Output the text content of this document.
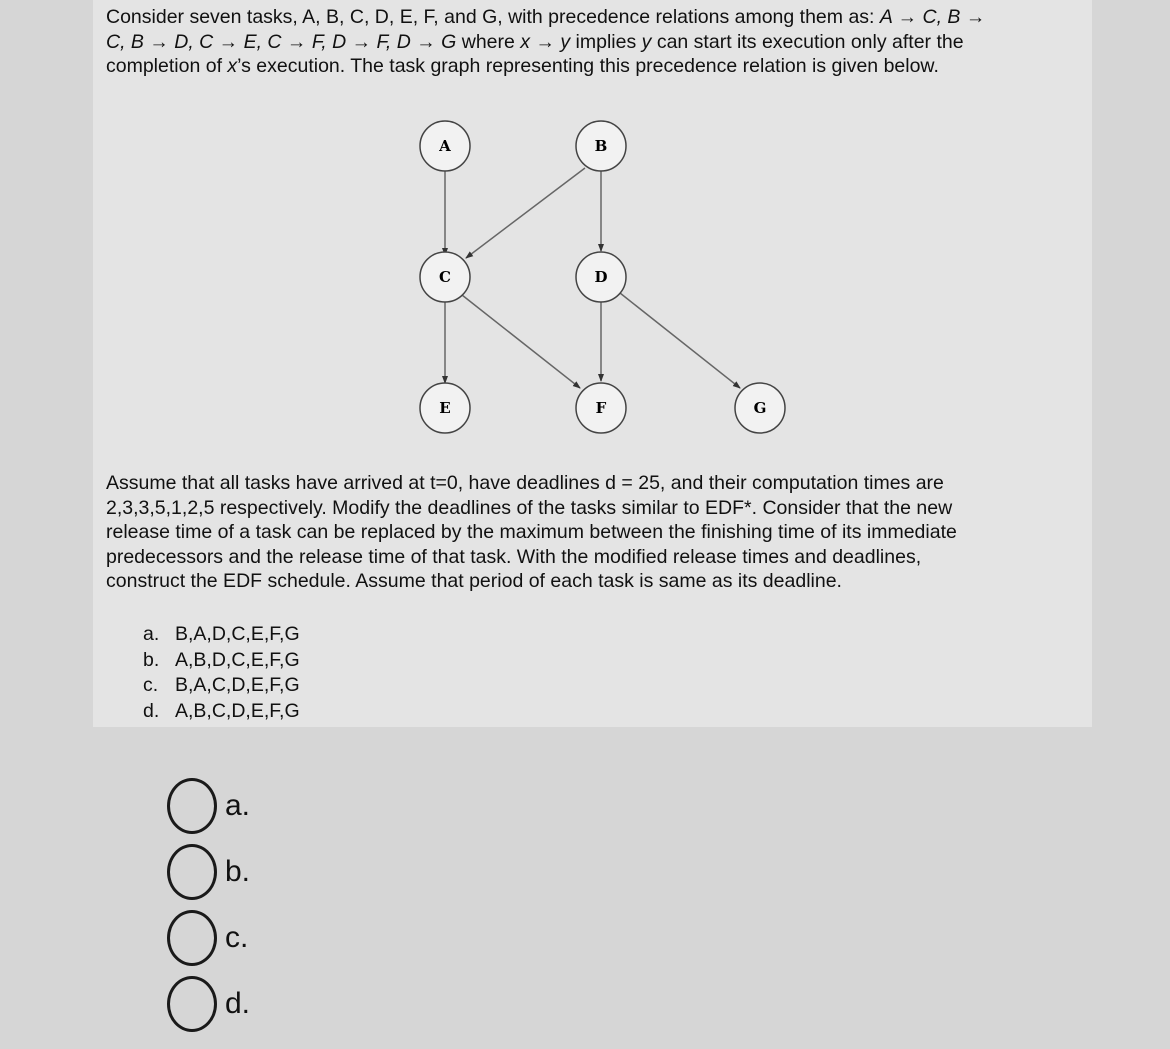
Consider seven tasks, A, B, C, D, E, F, and G, with precedence relations among them as: A → C, B →
C, B → D, C → E, C → F, D → F, D → G where x → y implies y can start its execution only after the
completion of x’s execution. The task graph representing this precedence relation is given below.
A	B
C	D
E	F	G
Assume that all tasks have arrived at t=0, have deadlines d = 25, and their computation times are
2,3,3,5,1,2,5 respectively. Modify the deadlines of the tasks similar to EDF*. Consider that the new
release time of a task can be replaced by the maximum between the finishing time of its immediate
predecessors and the release time of that task. With the modified release times and deadlines,
construct the EDF schedule. Assume that period of each task is same as its deadline.
a. B,A,D,C,E,F,G
b. A,B,D,C,E,F,G
c. B,A,C,D,E,F,G
d. A,B,C,D,E,F,G
a.
b.
c.
d.
